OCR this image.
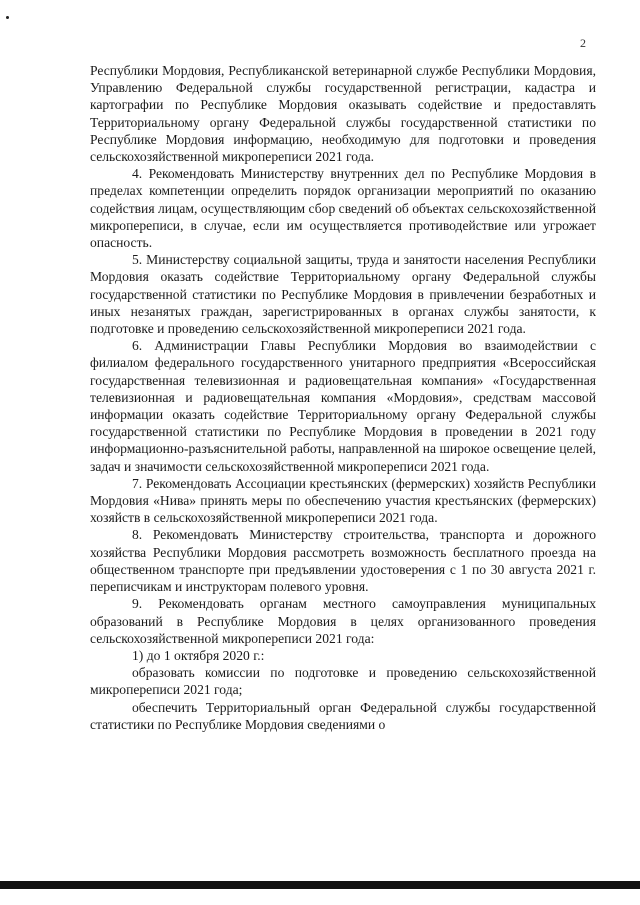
2

Республики Мордовия, Республиканской ветеринарной службе Республики Мордовия, Управлению Федеральной службы государственной регистрации, кадастра и картографии по Республике Мордовия оказывать содействие и предоставлять Территориальному органу Федеральной службы государственной статистики по Республике Мордовия информацию, необходимую для подготовки и проведения сельскохозяйственной микропереписи 2021 года.

4. Рекомендовать Министерству внутренних дел по Республике Мордовия в пределах компетенции определить порядок организации мероприятий по оказанию содействия лицам, осуществляющим сбор сведений об объектах сельскохозяйственной микропереписи, в случае, если им осуществляется противодействие или угрожает опасность.

5. Министерству социальной защиты, труда и занятости населения Республики Мордовия оказать содействие Территориальному органу Федеральной службы государственной статистики по Республике Мордовия в привлечении безработных и иных незанятых граждан, зарегистрированных в органах службы занятости, к подготовке и проведению сельскохозяйственной микропереписи 2021 года.

6. Администрации Главы Республики Мордовия во взаимодействии с филиалом федерального государственного унитарного предприятия «Всероссийская государственная телевизионная и радиовещательная компания» «Государственная телевизионная и радиовещательная компания «Мордовия», средствам массовой информации оказать содействие Территориальному органу Федеральной службы государственной статистики по Республике Мордовия в проведении в 2021 году информационно-разъяснительной работы, направленной на широкое освещение целей, задач и значимости сельскохозяйственной микропереписи 2021 года.

7. Рекомендовать Ассоциации крестьянских (фермерских) хозяйств Республики Мордовия «Нива» принять меры по обеспечению участия крестьянских (фермерских) хозяйств в сельскохозяйственной микропереписи 2021 года.

8. Рекомендовать Министерству строительства, транспорта и дорожного хозяйства Республики Мордовия рассмотреть возможность бесплатного проезда на общественном транспорте при предъявлении удостоверения с 1 по 30 августа 2021 г. переписчикам и инструкторам полевого уровня.

9. Рекомендовать органам местного самоуправления муниципальных образований в Республике Мордовия в целях организованного проведения сельскохозяйственной микропереписи 2021 года:

1) до 1 октября 2020 г.:

образовать комиссии по подготовке и проведению сельскохозяйственной микропереписи 2021 года;

обеспечить Территориальный орган Федеральной службы государственной статистики по Республике Мордовия сведениями о
